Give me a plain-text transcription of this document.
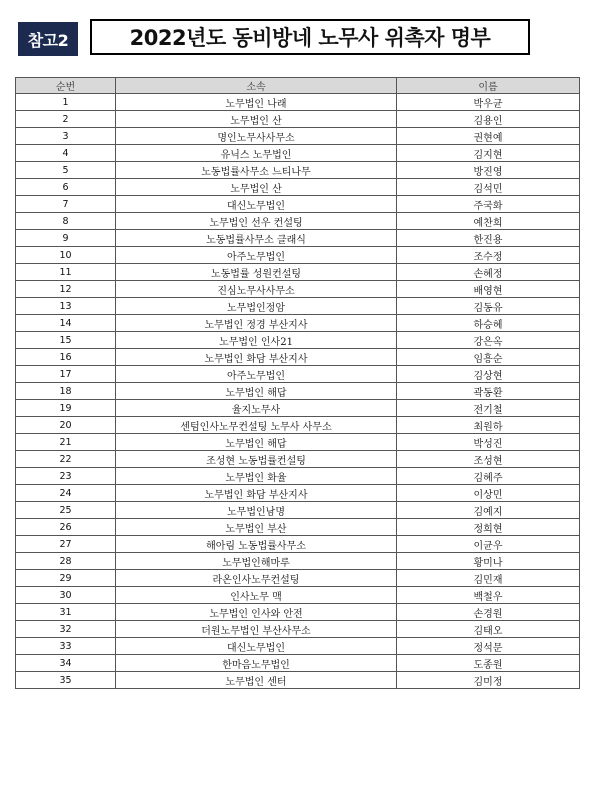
참고2	2022년도 동비방네 노무사 위촉자 명부
순번	소속	이름
1	노무법인 나래	박우균
2	노무법인 산	김용인
3	명인노무사사무소	권현예
4	유닉스 노무법인	김지현
5	노동법률사무소 느티나무	방진영
6	노무법인 산	김석민
7	대신노무법인	주국화
8	노무법인 선우 컨설팅	예찬희
9	노동법률사무소 클래식	한진용
10	아주노무법인	조수정
11	노동법률 성원컨설팅	손혜정
12	진심노무사사무소	배영현
13	노무법인정암	김동유
14	노무법인 정경 부산지사	하승혜
15	노무법인 인사21	강은옥
16	노무법인 화담 부산지사	임흥순
17	아주노무법인	김상현
18	노무법인 해답	곽동환
19	율지노무사	전기철
20	센텀인사노무컨설팅 노무사 사무소	최원하
21	노무법인 해답	박성진
22	조성현 노동법률컨설팅	조성현
23	노무법인 화율	김혜주
24	노무법인 화담 부산지사	이상민
25	노무법인남명	김예지
26	노무법인 부산	정희현
27	해아림 노동법률사무소	이균우
28	노무법인해마루	황미나
29	라온인사노무컨설팅	김민재
30	인사노무 맥	백철우
31	노무법인 인사와 안전	손경원
32	더원노무법인 부산사무소	김태오
33	대신노무법인	정석문
34	한마음노무법인	도종원
35	노무법인 센터	김미정
